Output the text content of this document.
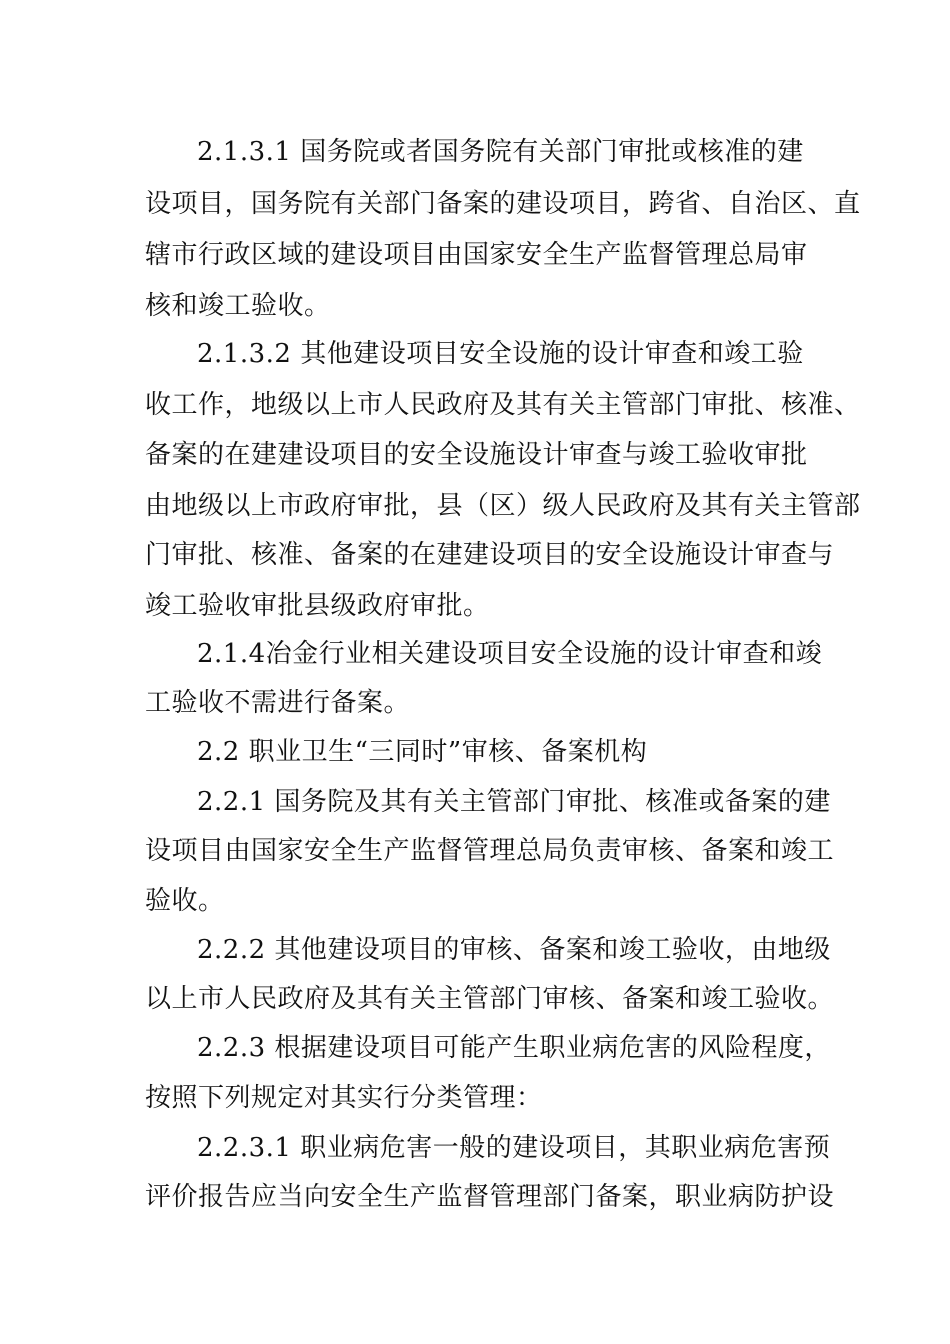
2.1.3.1 国务院或者国务院有关部门审批或核准的建
设项目，国务院有关部门备案的建设项目，跨省、自治区、直
辖市行政区域的建设项目由国家安全生产监督管理总局审
核和竣工验收。
2.1.3.2 其他建设项目安全设施的设计审查和竣工验
收工作，地级以上市人民政府及其有关主管部门审批、核准、
备案的在建建设项目的安全设施设计审查与竣工验收审批
由地级以上市政府审批，县（区）级人民政府及其有关主管部
门审批、核准、备案的在建建设项目的安全设施设计审查与
竣工验收审批县级政府审批。
2.1.4冶金行业相关建设项目安全设施的设计审查和竣
工验收不需进行备案。
2.2 职业卫生“三同时”审核、备案机构
2.2.1 国务院及其有关主管部门审批、核准或备案的建
设项目由国家安全生产监督管理总局负责审核、备案和竣工
验收。
2.2.2 其他建设项目的审核、备案和竣工验收，由地级
以上市人民政府及其有关主管部门审核、备案和竣工验收。
2.2.3 根据建设项目可能产生职业病危害的风险程度，
按照下列规定对其实行分类管理：
2.2.3.1 职业病危害一般的建设项目，其职业病危害预
评价报告应当向安全生产监督管理部门备案，职业病防护设
